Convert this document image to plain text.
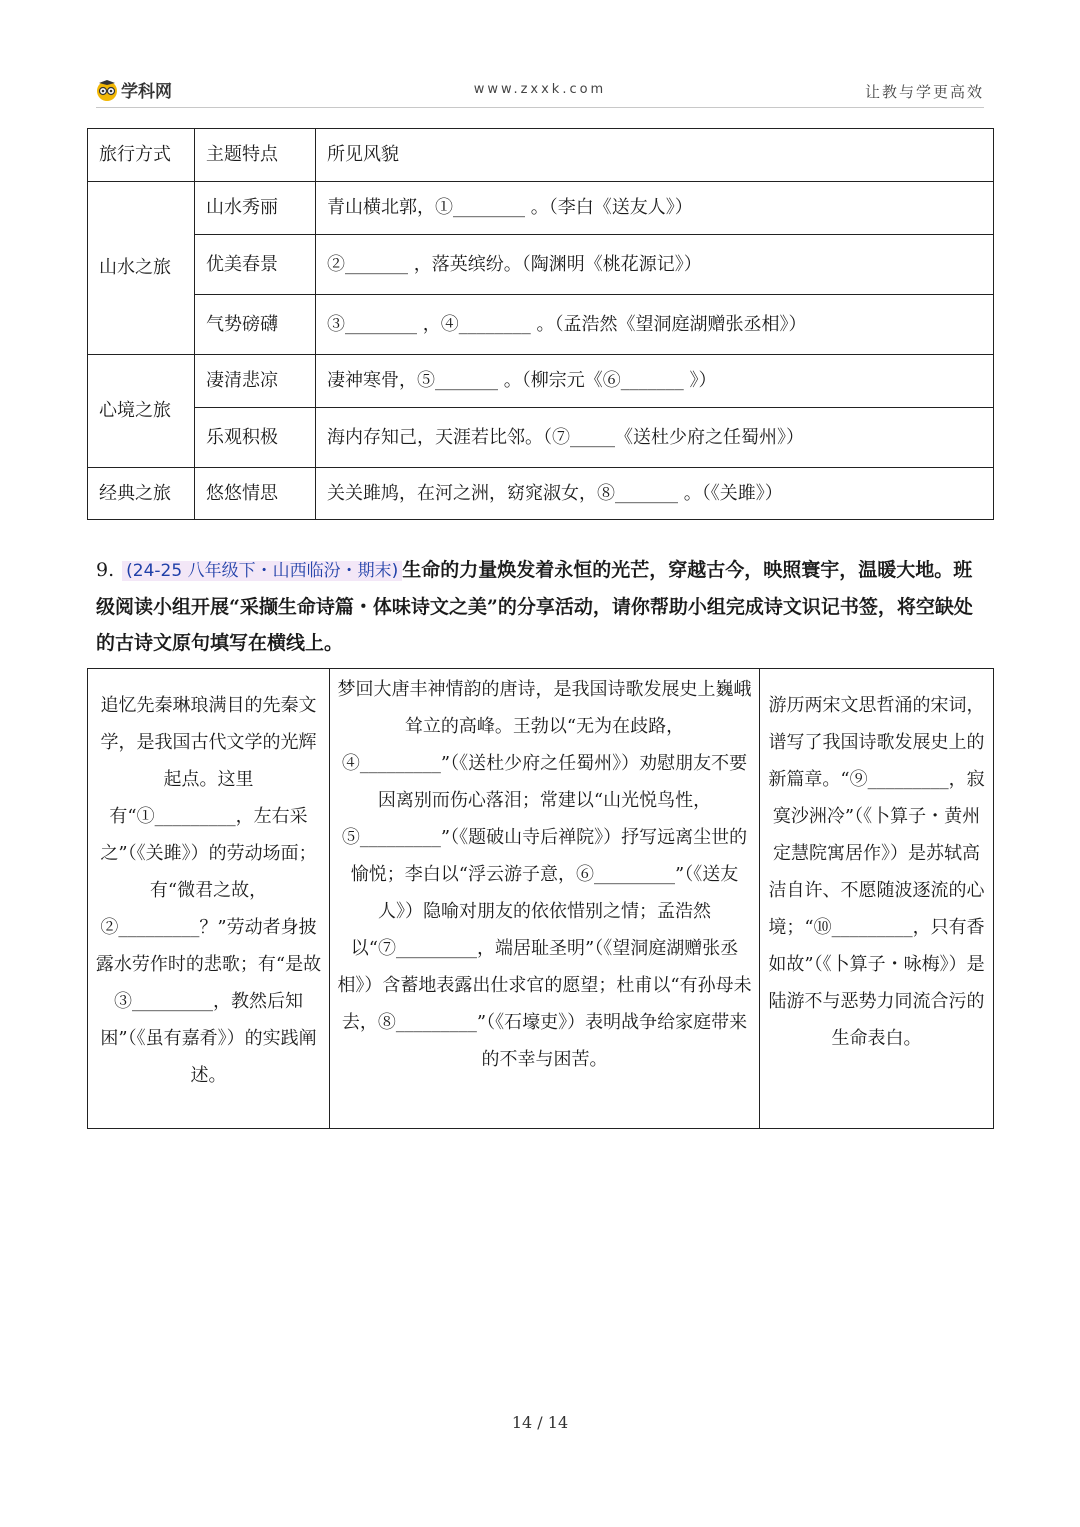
学科网	www.zxxk.com	让教与学更高效
旅行方式	主题特点	所见风貌
山水之旅	山水秀丽	青山横北郭，①________ 。（李白《送友人》）
	优美春景	②_______ ，落英缤纷。（陶渊明《桃花源记》）
	气势磅礴	③________ ，④________ 。（孟浩然《望洞庭湖赠张丞相》）
心境之旅	凄清悲凉	凄神寒骨，⑤_______ 。（柳宗元《⑥_______ 》）
	乐观积极	海内存知己，天涯若比邻。（⑦_____《送杜少府之任蜀州》）
经典之旅	悠悠情思	关关雎鸠，在河之洲，窈窕淑女，⑧_______ 。（《关雎》）
9. (24-25 八年级下・山西临汾・期末) 生命的力量焕发着永恒的光芒，穿越古今，映照寰宇，温暖大地。班级阅读小组开展“采撷生命诗篇・体味诗文之美”的分享活动，请你帮助小组完成诗文识记书签，将空缺处的古诗文原句填写在横线上。
追忆先秦琳琅满目的先秦文学，是我国古代文学的光辉起点。这里有“①_________，左右采之”（《关雎》）的劳动场面；有“微君之故，②_________？”劳动者身披露水劳作时的悲歌；有“是故③_________，教然后知困”（《虽有嘉肴》）的实践阐述。	梦回大唐丰神情韵的唐诗，是我国诗歌发展史上巍峨耸立的高峰。王勃以“无为在歧路，④_________”（《送杜少府之任蜀州》）劝慰朋友不要因离别而伤心落泪；常建以“山光悦鸟性，⑤_________”（《题破山寺后禅院》）抒写远离尘世的愉悦；李白以“浮云游子意，⑥_________”（《送友人》）隐喻对朋友的依依惜别之情；孟浩然以“⑦_________，端居耻圣明”（《望洞庭湖赠张丞相》）含蓄地表露出仕求官的愿望；杜甫以“有孙母未去，⑧_________”（《石壕吏》）表明战争给家庭带来的不幸与困苦。	游历两宋文思哲涌的宋词，谱写了我国诗歌发展史上的新篇章。“⑨_________，寂寞沙洲冷”（《卜算子・黄州定慧院寓居作》）是苏轼高洁自许、不愿随波逐流的心境；“⑩_________，只有香如故”（《卜算子・咏梅》）是陆游不与恶势力同流合污的生命表白。
14 / 14
